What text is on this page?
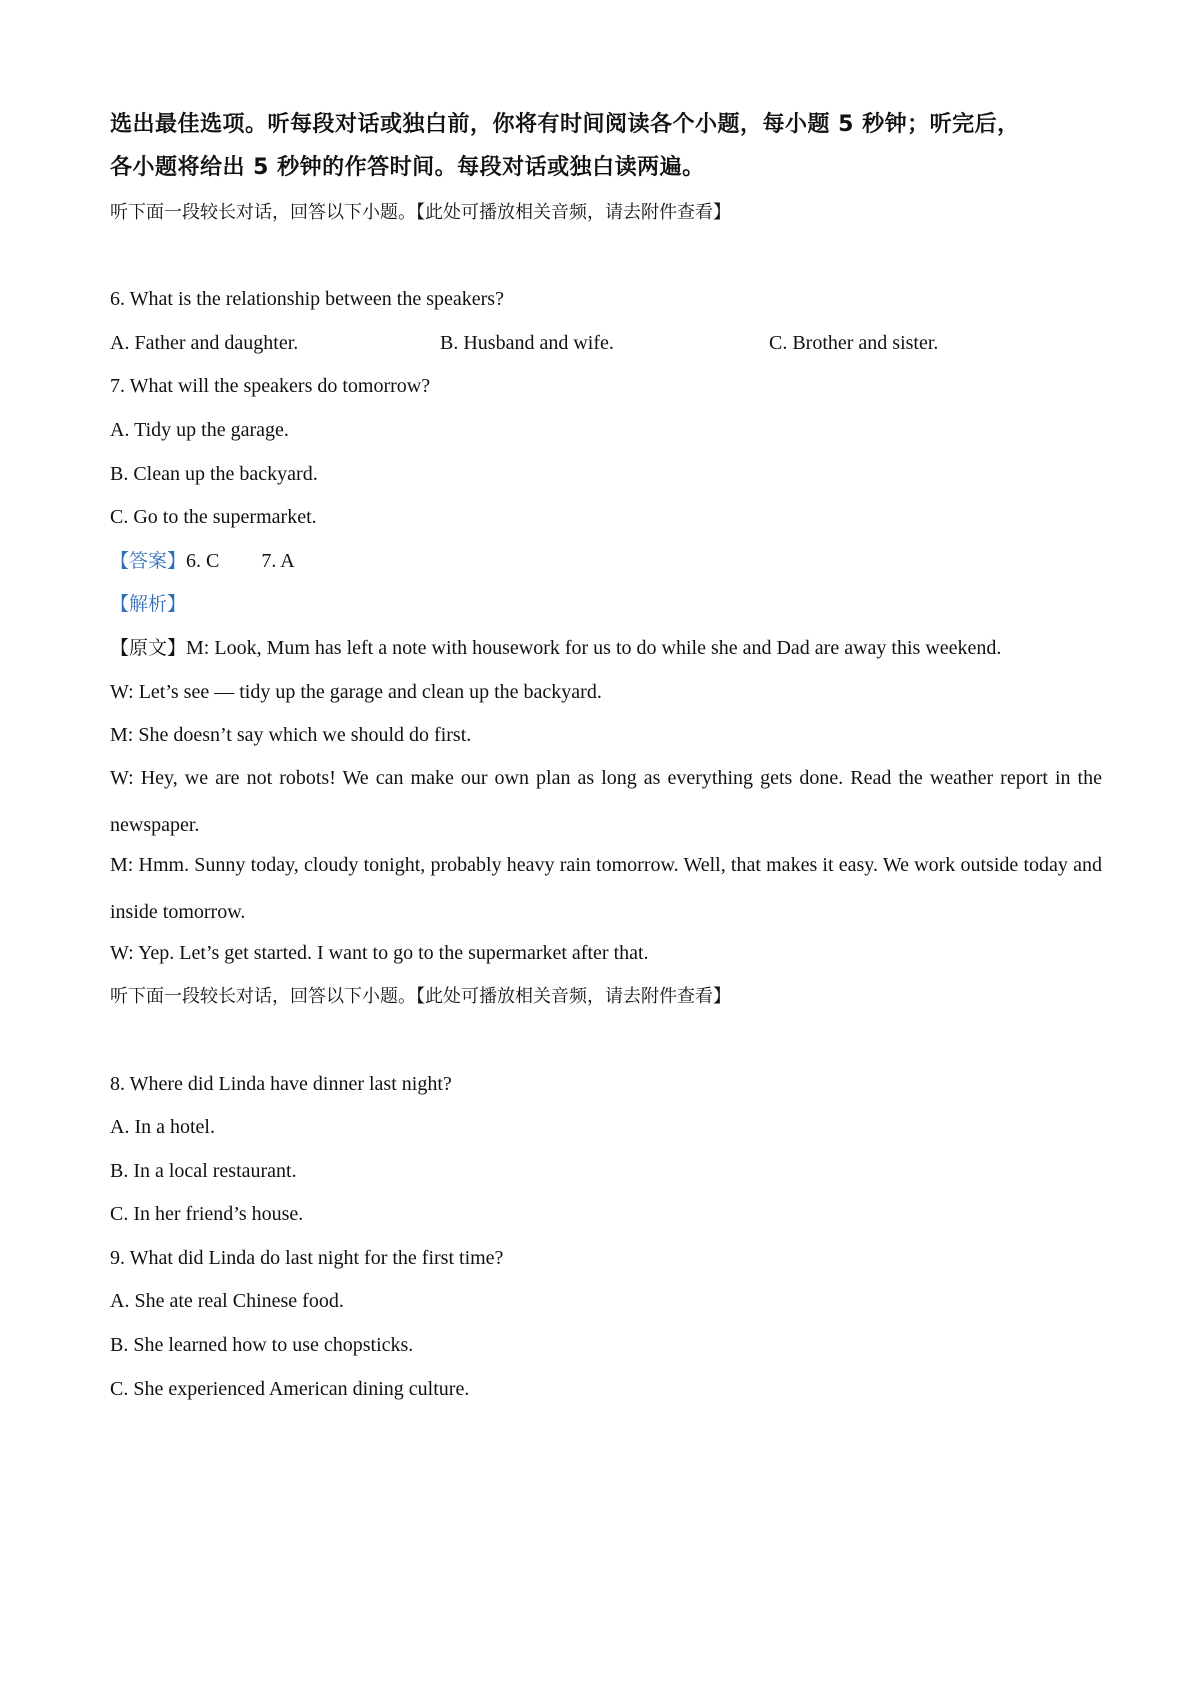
选出最佳选项。听每段对话或独白前，你将有时间阅读各个小题，每小题 5 秒钟；听完后，
各小题将给出 5 秒钟的作答时间。每段对话或独白读两遍。
听下面一段较长对话，回答以下小题。【此处可播放相关音频，请去附件查看】
6. What is the relationship between the speakers?
A. Father and daughter.	B. Husband and wife.	C. Brother and sister.
7. What will the speakers do tomorrow?
A. Tidy up the garage.
B. Clean up the backyard.
C. Go to the supermarket.
【答案】6. C 7. A
【解析】
【原文】M: Look, Mum has left a note with housework for us to do while she and Dad are away this weekend.
W: Let’s see — tidy up the garage and clean up the backyard.
M: She doesn’t say which we should do first.
W: Hey, we are not robots! We can make our own plan as long as everything gets done. Read the weather report in the newspaper.
M: Hmm. Sunny today, cloudy tonight, probably heavy rain tomorrow. Well, that makes it easy. We work outside today and inside tomorrow.
W: Yep. Let’s get started. I want to go to the supermarket after that.
听下面一段较长对话，回答以下小题。【此处可播放相关音频，请去附件查看】
8. Where did Linda have dinner last night?
A. In a hotel.
B. In a local restaurant.
C. In her friend’s house.
9. What did Linda do last night for the first time?
A. She ate real Chinese food.
B. She learned how to use chopsticks.
C. She experienced American dining culture.
